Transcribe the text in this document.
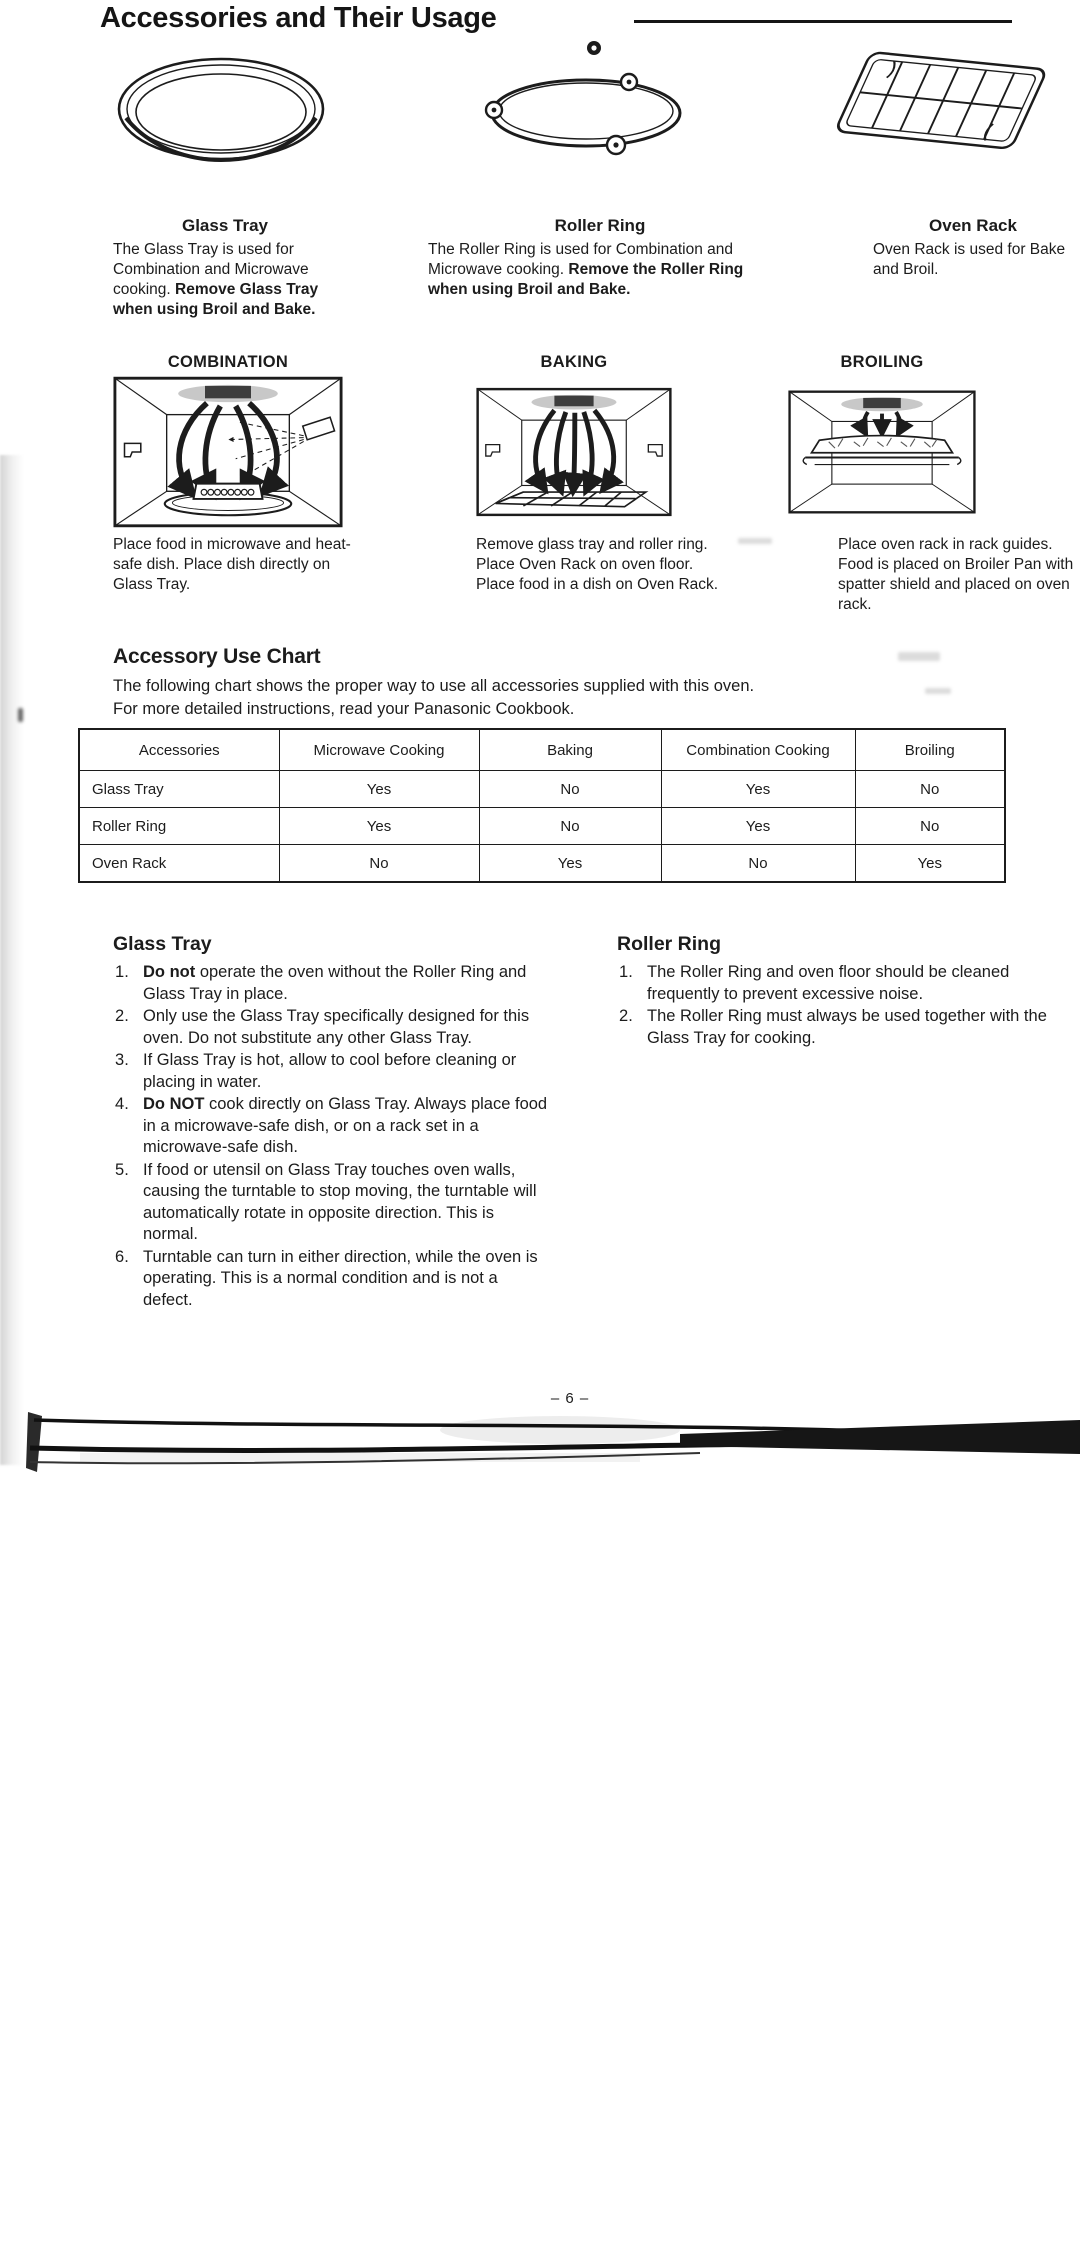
Accessories and Their Usage
Glass Tray
The Glass Tray is used for Combination and Microwave cooking. Remove Glass Tray when using Broil and Bake.
Roller Ring
The Roller Ring is used for Combination and Microwave cooking. Remove the Roller Ring when using Broil and Bake.
Oven Rack
Oven Rack is used for Bake and Broil.
COMBINATION
Place food in microwave and heat-safe dish. Place dish directly on Glass Tray.
BAKING
Remove glass tray and roller ring. Place Oven Rack on oven floor. Place food in a dish on Oven Rack.
BROILING
Place oven rack in rack guides. Food is placed on Broiler Pan with spatter shield and placed on oven rack.
Accessory Use Chart
The following chart shows the proper way to use all accessories supplied with this oven.
For more detailed instructions, read your Panasonic Cookbook.
Accessories	Microwave Cooking	Baking	Combination Cooking	Broiling
Glass Tray	Yes	No	Yes	No
Roller Ring	Yes	No	Yes	No
Oven Rack	No	Yes	No	Yes
Glass Tray
Do not operate the oven without the Roller Ring and Glass Tray in place.
Only use the Glass Tray specifically designed for this oven. Do not substitute any other Glass Tray.
If Glass Tray is hot, allow to cool before cleaning or placing in water.
Do NOT cook directly on Glass Tray. Always place food in a microwave-safe dish, or on a rack set in a microwave-safe dish.
If food or utensil on Glass Tray touches oven walls, causing the turntable to stop moving, the turntable will automatically rotate in opposite direction. This is normal.
Turntable can turn in either direction, while the oven is operating. This is a normal condition and is not a defect.
Roller Ring
The Roller Ring and oven floor should be cleaned frequently to prevent excessive noise.
The Roller Ring must always be used together with the Glass Tray for cooking.
– 6 –
